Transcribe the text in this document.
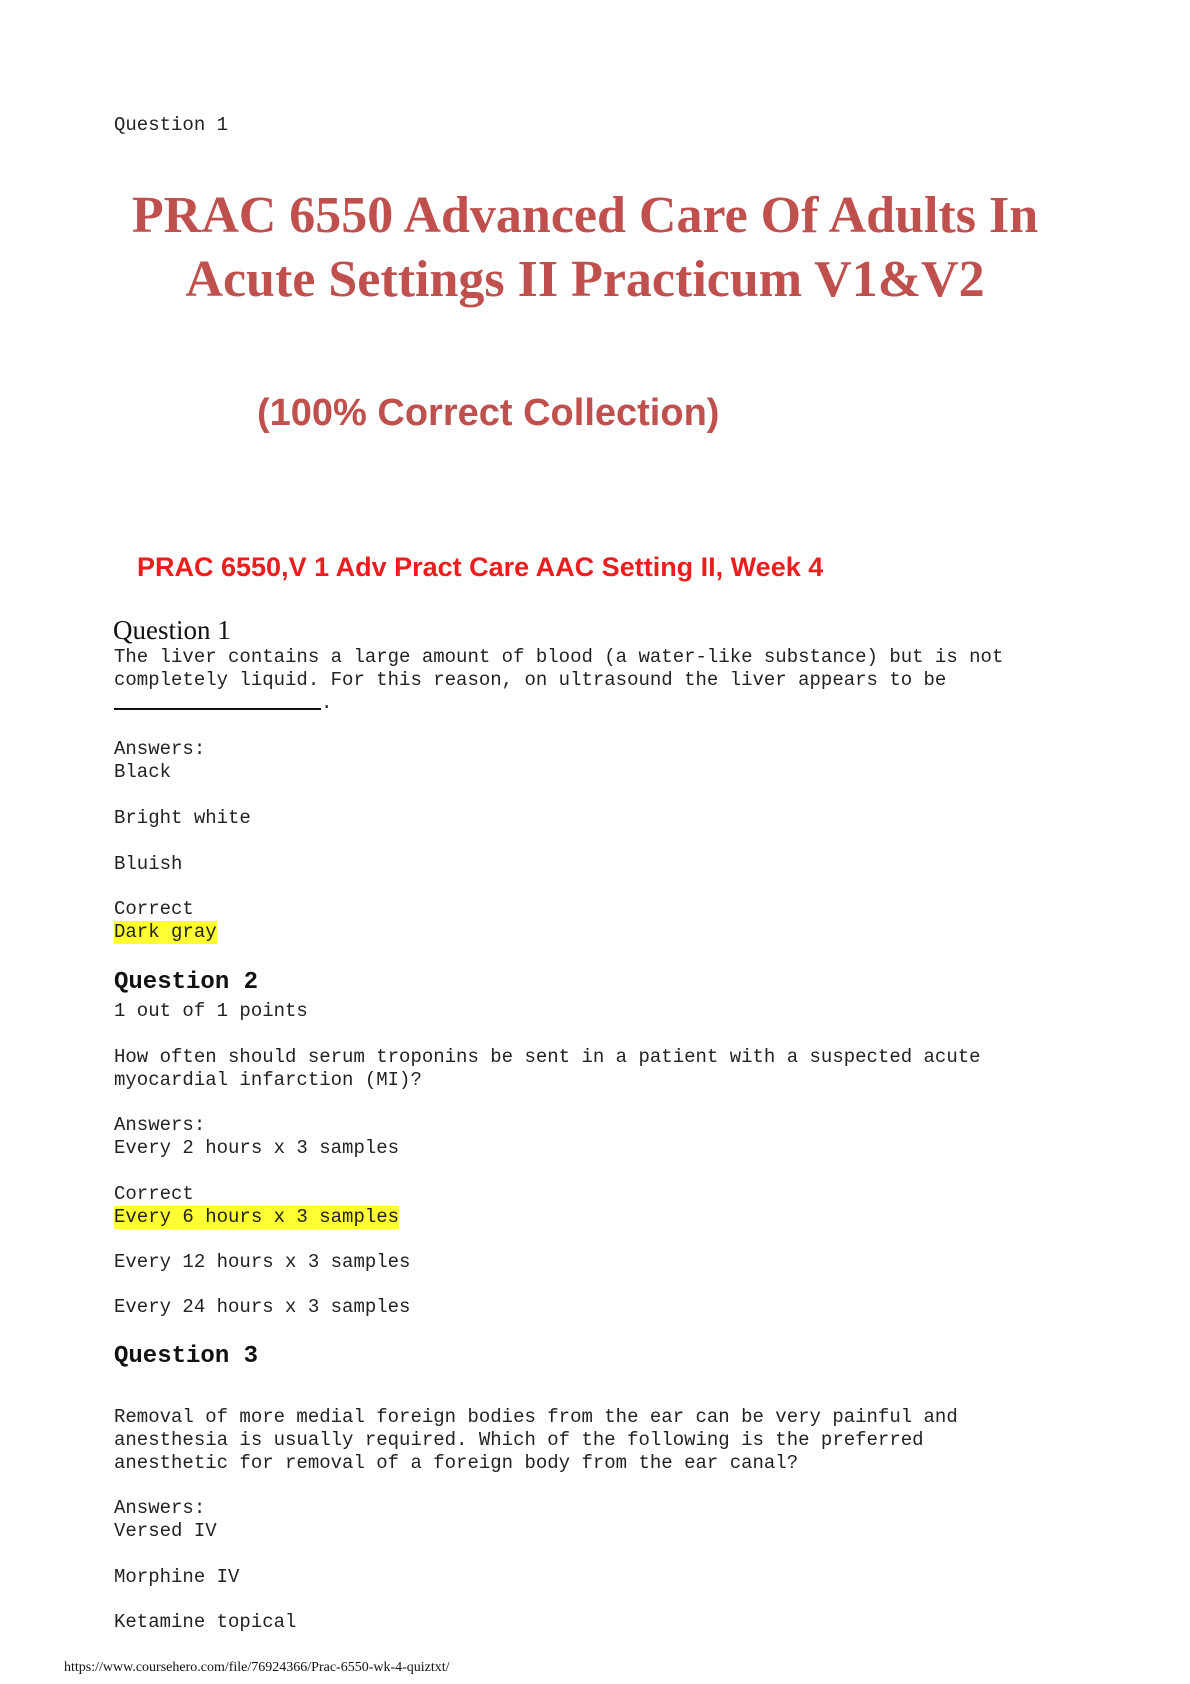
Question 1
PRAC 6550 Advanced Care Of Adults In
Acute Settings II Practicum V1&V2
(100% Correct Collection)
PRAC 6550,V 1 Adv Pract Care AAC Setting II, Week 4
Question 1
The liver contains a large amount of blood (a water-like substance) but is not
completely liquid. For this reason, on ultrasound the liver appears to be
.
Answers:
Black
Bright white
Bluish
Correct
Dark gray
Question 2
1 out of 1 points
How often should serum troponins be sent in a patient with a suspected acute
myocardial infarction (MI)?
Answers:
Every 2 hours x 3 samples
Correct
Every 6 hours x 3 samples
Every 12 hours x 3 samples
Every 24 hours x 3 samples
Question 3
Removal of more medial foreign bodies from the ear can be very painful and
anesthesia is usually required. Which of the following is the preferred
anesthetic for removal of a foreign body from the ear canal?
Answers:
Versed IV
Morphine IV
Ketamine topical
https://www.coursehero.com/file/76924366/Prac-6550-wk-4-quiztxt/
